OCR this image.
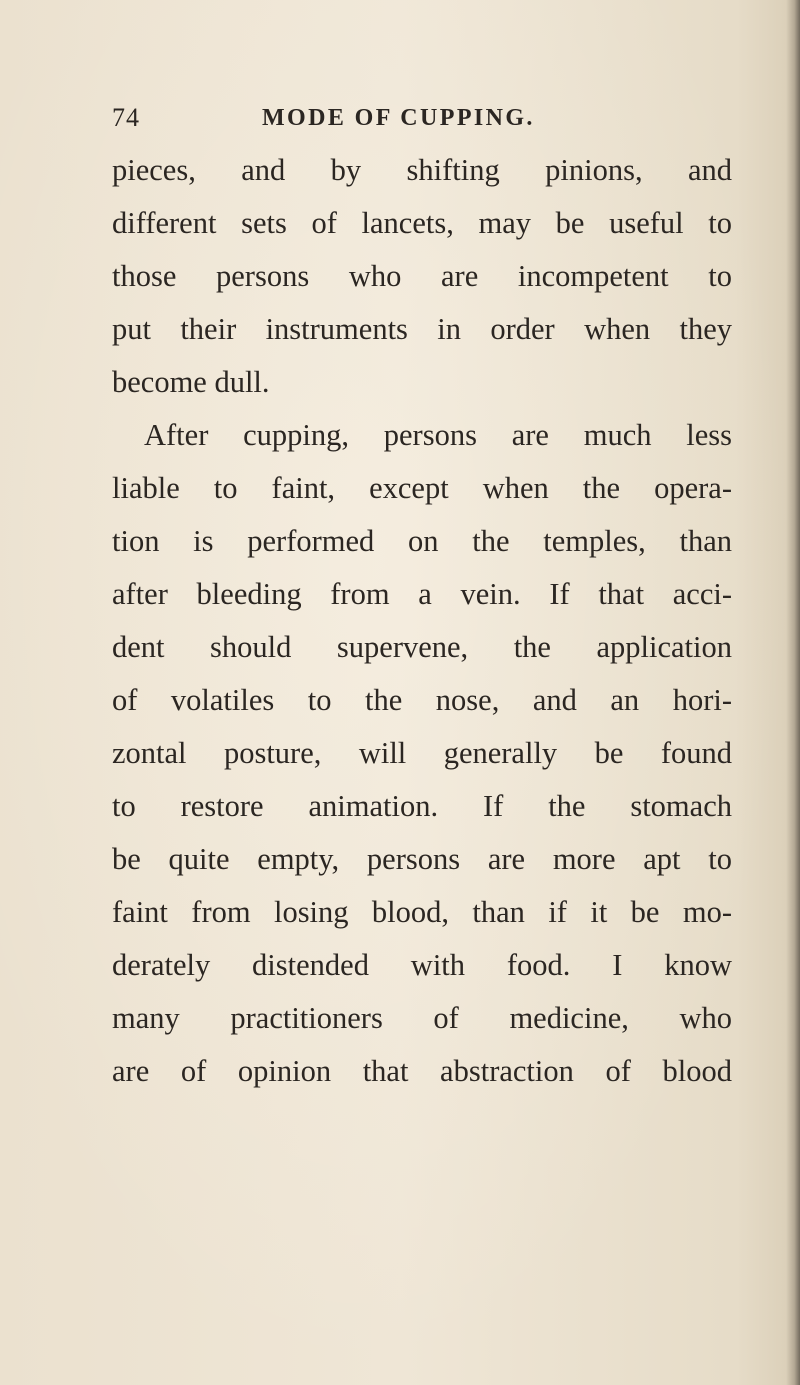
74	MODE OF CUPPING.
pieces, and by shifting pinions, and
different sets of lancets, may be useful to
those persons who are incompetent to
put their instruments in order when they
become dull.
After cupping, persons are much less
liable to faint, except when the opera-
tion is performed on the temples, than
after bleeding from a vein. If that acci-
dent should supervene, the application
of volatiles to the nose, and an hori-
zontal posture, will generally be found
to restore animation. If the stomach
be quite empty, persons are more apt to
faint from losing blood, than if it be mo-
derately distended with food. I know
many practitioners of medicine, who
are of opinion that abstraction of blood
